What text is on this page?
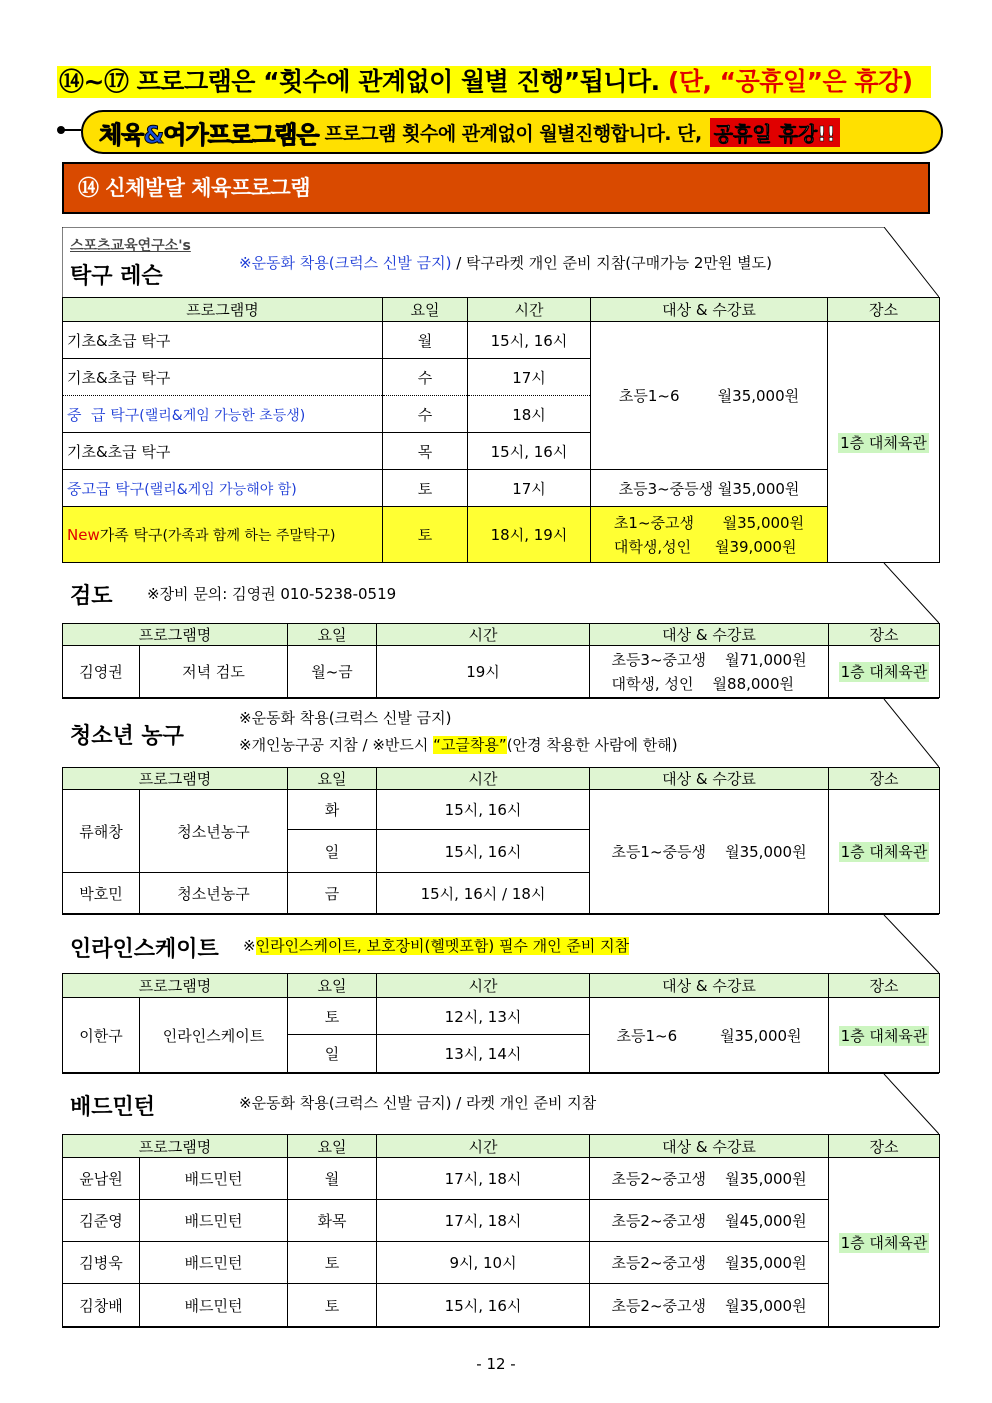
⑭~⑰ 프로그램은 “횟수에 관계없이 월별 진행”됩니다. (단, “공휴일”은 휴강)
체육&여가프로그램은 프로그램 횟수에 관계없이 월별진행합니다. 단, 공휴일 휴강!!
⑭ 신체발달 체육프로그램
스포츠교육연구소's
탁구 레슨
※운동화 착용(크럭스 신발 금지) / 탁구라켓 개인 준비 지참(구매가능 2만원 별도)
프로그램명	요일	시간	대상 & 수강료	장소
기초&초급 탁구	월	15시, 16시	초등1~6 월35,000원	1층 대체육관
기초&초급 탁구	수	17시		
중  급 탁구(랠리&게임 가능한 초등생)	수	18시		
기초&초급 탁구	목	15시, 16시		
중고급 탁구(랠리&게임 가능해야 함)	토	17시	초등3~중등생 월35,000원	
New가족 탁구(가족과 함께 하는 주말탁구)	토	18시, 19시	초1~중고생 월35,000원
대학생,성인 월39,000원	
검도 ※장비 문의: 김영권 010-5238-0519
프로그램명		요일	시간	대상 & 수강료	장소
김영권	저녁 검도	월~금	19시	초등3~중고생 월71,000원
대학생, 성인 월88,000원	1층 대체육관
청소년 농구
※운동화 착용(크럭스 신발 금지)
※개인농구공 지참 / ※반드시 “고글착용”(안경 착용한 사람에 한해)
프로그램명		요일	시간	대상 & 수강료	장소
류해창	청소년농구	화	15시, 16시	초등1~중등생 월35,000원	1층 대체육관
		일	15시, 16시		
박호민	청소년농구	금	15시, 16시 / 18시		
인라인스케이트 ※인라인스케이트, 보호장비(헬멧포함) 필수 개인 준비 지참
프로그램명		요일	시간	대상 & 수강료	장소
이한구	인라인스케이트	토	12시, 13시	초등1~6 월35,000원	1층 대체육관
		일	13시, 14시		
배드민턴	※운동화 착용(크럭스 신발 금지) / 라켓 개인 준비 지참
프로그램명		요일	시간	대상 & 수강료	장소
윤남원	배드민턴	월	17시, 18시	초등2~중고생 월35,000원	1층 대체육관
김준영	배드민턴	화목	17시, 18시	초등2~중고생 월45,000원	
김병욱	배드민턴	토	9시, 10시	초등2~중고생 월35,000원	
김창배	배드민턴	토	15시, 16시	초등2~중고생 월35,000원	
- 12 -
